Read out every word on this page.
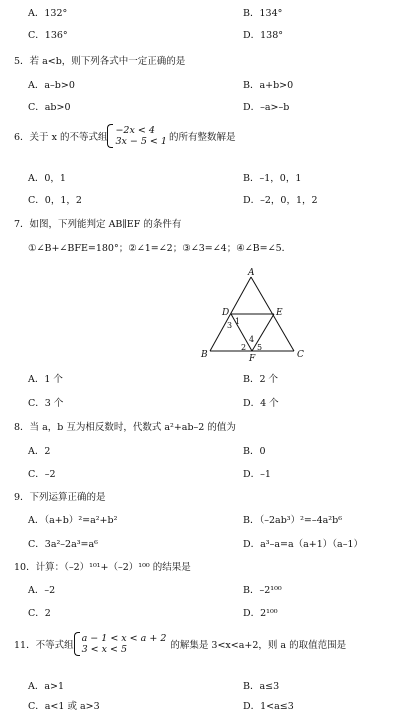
A．132°	B．134°
C．136°	D．138°
5．若 a<b，则下列各式中一定正确的是
A．a–b>0	B．a+b>0
C．ab>0	D．–a>–b
6．关于 x 的不等式组
−2x < 4
3x − 5 < 1 的所有整数解是
A．0，1	B．–1，0，1
C．0，1，2	D．–2，0，1，2
7．如图，下列能判定 AB∥EF 的条件有
①∠B+∠BFE=180°；②∠1=∠2；③∠3=∠4；④∠B=∠5．
A
B	C
D	E
F
1
3
4
2 5
A．1 个	B．2 个
C．3 个	D．4 个
8．当 a，b 互为相反数时，代数式 a²+ab–2 的值为
A．2	B．0
C．–2	D．–1
9．下列运算正确的是
A．（a+b）²=a²+b²	B．（–2ab³）²=–4a²b⁶
C．3a²–2a³=a⁶	D．a³–a=a（a+1）（a–1）
10．计算：（–2）¹⁰¹+（–2）¹⁰⁰ 的结果是
A．–2	B．–2¹⁰⁰
C．2	D．2¹⁰⁰
11．不等式组
a − 1 < x < a + 2
3 < x < 5	的解集是 3<x<a+2，则 a 的取值范围是
A．a>1	B．a≤3
C．a<1 或 a>3	D．1<a≤3
